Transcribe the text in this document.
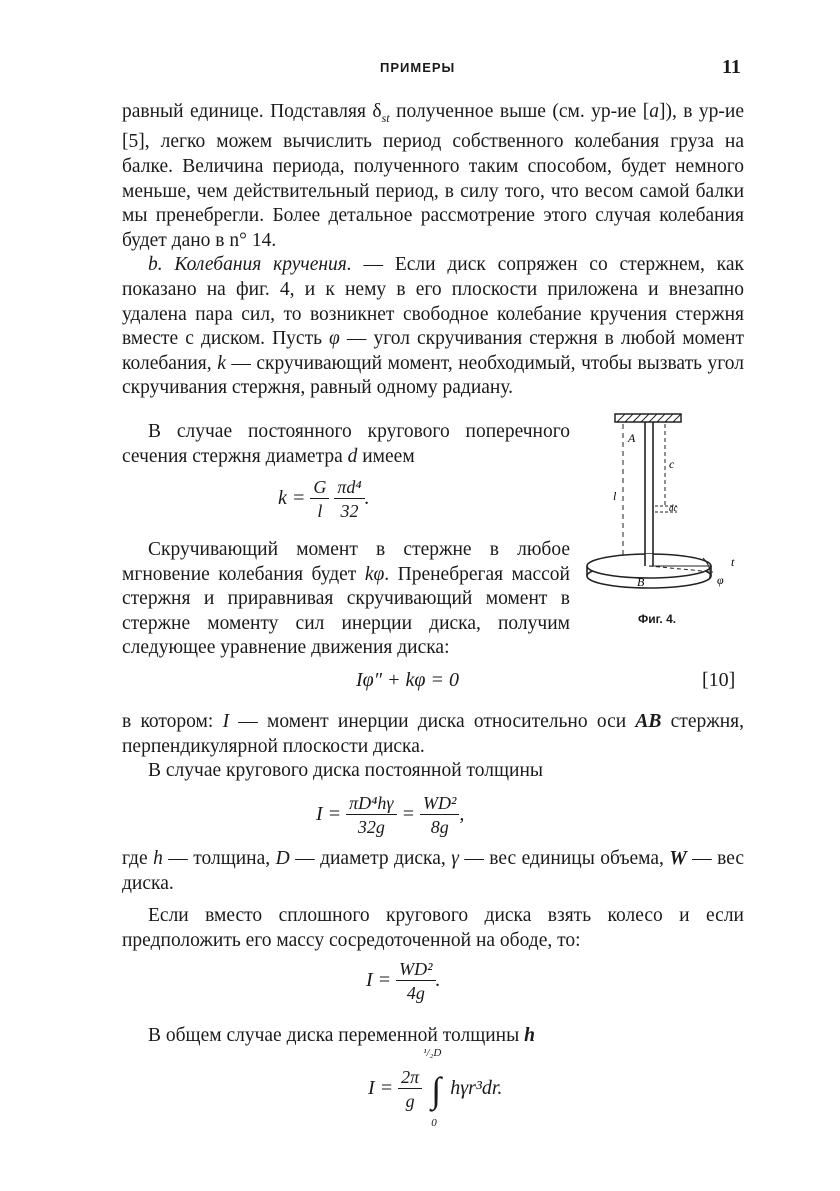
ПРИМЕРЫ	11

равный единице. Подставляя $\delta_{st}$ полученное выше (см. ур-ие [a]), в ур-ие [5], легко можем вычислить период собственного колебания груза на балке. Величина периода, полученного таким способом, будет немного меньше, чем действительный период, в силу того, что весом самой балки мы пренебрегли. Более детальное рассмотрение этого случая колебания будет дано в n° 14.

b. Колебания кручения. — Если диск сопряжен со стержнем, как показано на фиг. 4, и к нему в его плоскости приложена и внезапно удалена пара сил, то возникнет свободное колебание кручения стержня вместе с диском. Пусть φ — угол скручивания стержня в любой момент колебания, k — скручивающий момент, необходимый, чтобы вызвать угол скручивания стержня, равный одному радиану.

В случае постоянного кругового поперечного сечения стержня диаметра d имеем

$k = \frac{G}{l}$
$\frac{\text{πd⁴}}{32}$ .

Скручивающий момент в стержне в любое мгновение колебания будет kφ. Пренебрегая массой стержня и приравнивая скручивающий момент в стержне моменту сил инерции диска, получим следующее уравнение движения диска:

A
c
l
dc
B
t
φ
Фиг. 4.
Iφ″ + kφ = 0	[10]

в котором: I — момент инерции диска относительно оси AB стержня, перпендикулярной плоскости диска.

В случае кругового диска постоянной толщины

$I = \frac{\text{πD⁴hγ}}{32g} = \frac{\text{WD²}}{8g}$ ,

где h — толщина, D — диаметр диска, γ — вес единицы объема, W — вес диска.

Если вместо сплошного кругового диска взять колесо и если предположить его массу сосредоточенной на ободе, то:

$I = \frac{\text{WD²}}{4g}$ .

В общем случае диска переменной толщины h

$I = \frac{2\pi}{g}$

¹/₂D
∫
0
hγr³dr.
